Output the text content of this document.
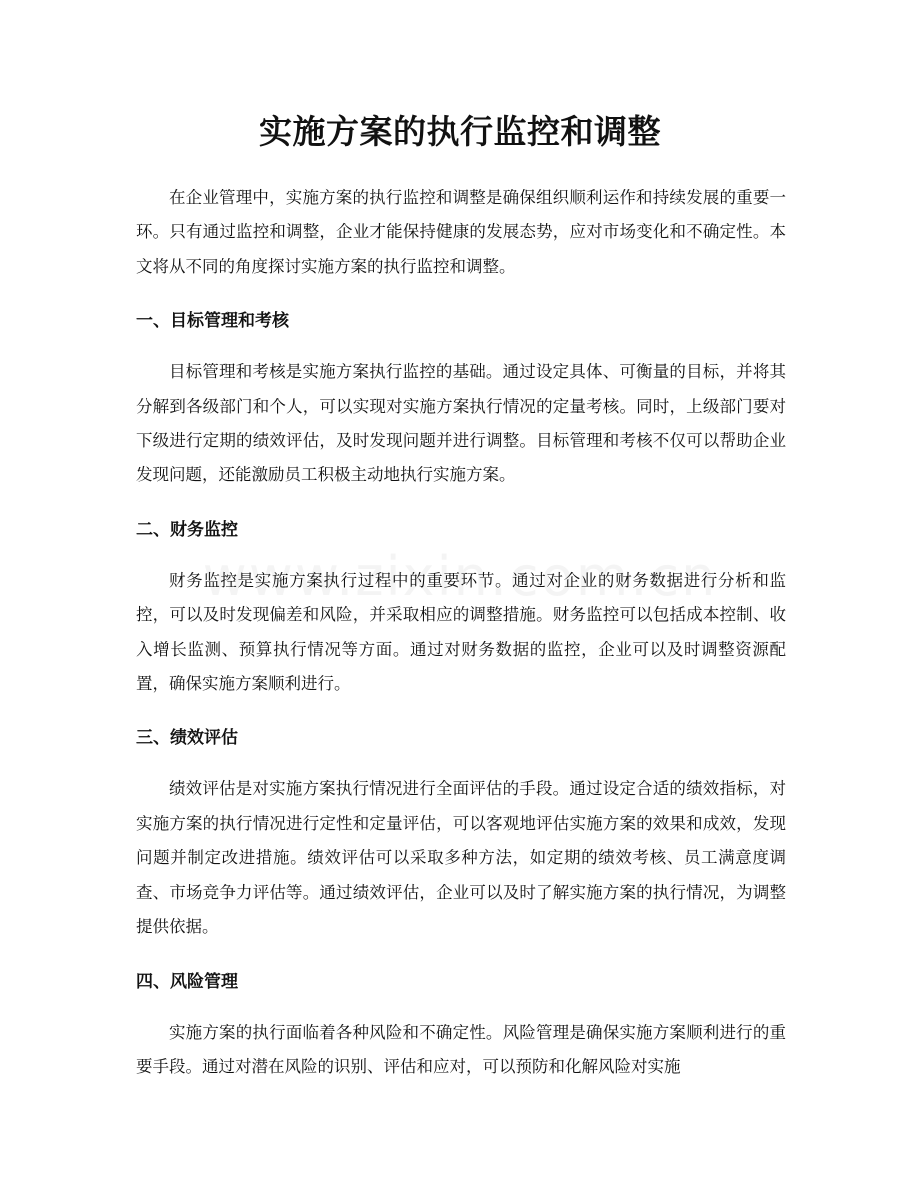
实施方案的执行监控和调整

在企业管理中，实施方案的执行监控和调整是确保组织顺利运作和持续发展的重要一环。只有通过监控和调整，企业才能保持健康的发展态势，应对市场变化和不确定性。本文将从不同的角度探讨实施方案的执行监控和调整。

一、目标管理和考核

目标管理和考核是实施方案执行监控的基础。通过设定具体、可衡量的目标，并将其分解到各级部门和个人，可以实现对实施方案执行情况的定量考核。同时，上级部门要对下级进行定期的绩效评估，及时发现问题并进行调整。目标管理和考核不仅可以帮助企业发现问题，还能激励员工积极主动地执行实施方案。

二、财务监控

财务监控是实施方案执行过程中的重要环节。通过对企业的财务数据进行分析和监控，可以及时发现偏差和风险，并采取相应的调整措施。财务监控可以包括成本控制、收入增长监测、预算执行情况等方面。通过对财务数据的监控，企业可以及时调整资源配置，确保实施方案顺利进行。

三、绩效评估

绩效评估是对实施方案执行情况进行全面评估的手段。通过设定合适的绩效指标，对实施方案的执行情况进行定性和定量评估，可以客观地评估实施方案的效果和成效，发现问题并制定改进措施。绩效评估可以采取多种方法，如定期的绩效考核、员工满意度调查、市场竞争力评估等。通过绩效评估，企业可以及时了解实施方案的执行情况，为调整提供依据。

四、风险管理

实施方案的执行面临着各种风险和不确定性。风险管理是确保实施方案顺利进行的重要手段。通过对潜在风险的识别、评估和应对，可以预防和化解风险对实施
